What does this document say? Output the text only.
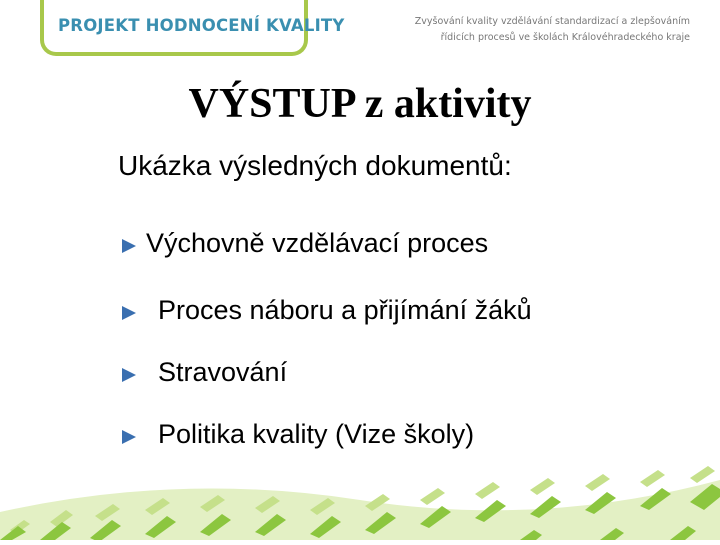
PROJEKT HODNOCENÍ KVALITY	Zvyšování kvality vzdělávání standardizací a zlepšováním
řídicích procesů ve školách Královéhradeckého kraje
VÝSTUP z aktivity
Ukázka výsledných dokumentů:
Výchovně vzdělávací proces
Proces náboru a přijímání žáků
Stravování
Politika kvality (Vize školy)
